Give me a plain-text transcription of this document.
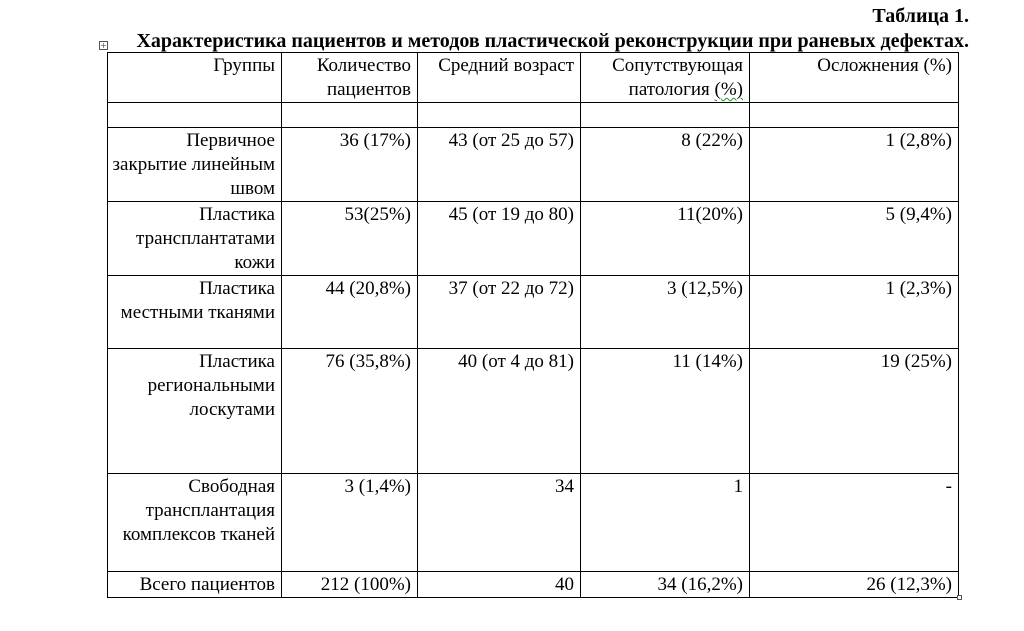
Таблица 1.
Характеристика пациентов и методов пластической реконструкции при раневых дефектах.
+
Группы	Количество пациентов	Средний возраст	Сопутствующая патология (%)	Осложнения (%)

Первичное закрытие линейным швом	36 (17%)	43 (от 25 до 57)	8 (22%)	1 (2,8%)
Пластика трансплантатами кожи	53(25%)	45 (от 19 до 80)	11(20%)	5 (9,4%)
Пластика местными тканями	44 (20,8%)	37 (от 22 до 72)	3 (12,5%)	1 (2,3%)
Пластика региональными лоскутами	76 (35,8%)	40 (от 4 до 81)	11 (14%)	19 (25%)
Свободная трансплантация комплексов тканей	3 (1,4%)	34	1	-
Всего пациентов	212 (100%)	40	34 (16,2%)	26 (12,3%)
